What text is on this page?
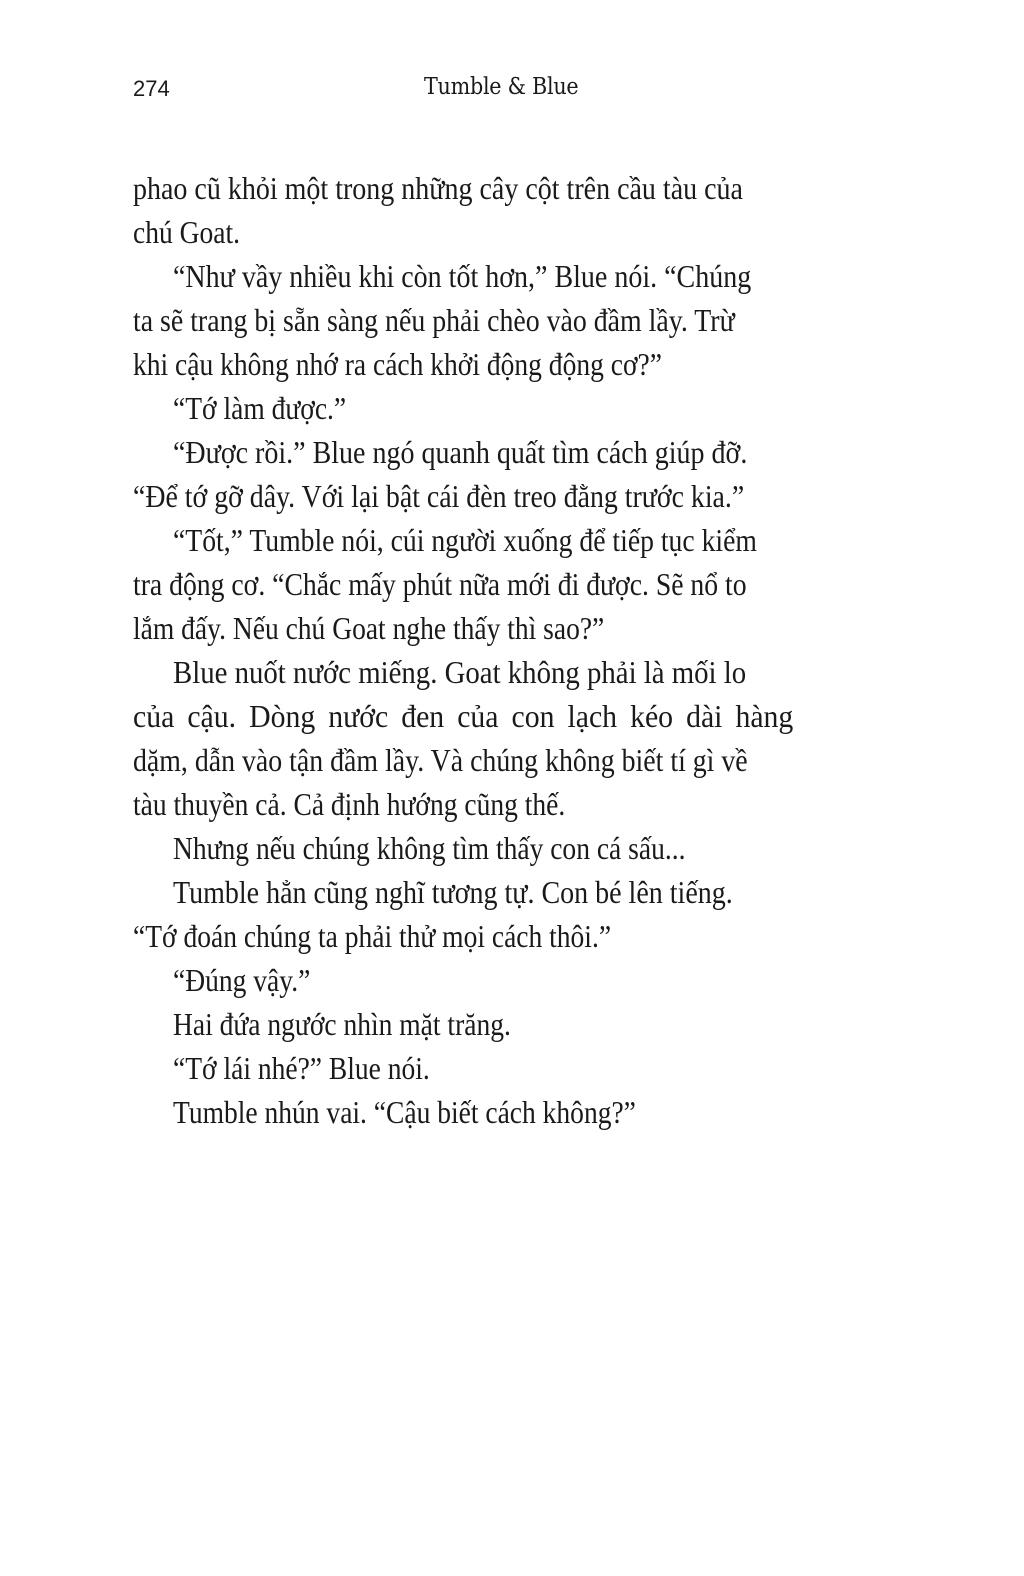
274	Tumble & Blue
phao cũ khỏi một trong những cây cột trên cầu tàu của
chú Goat.
“Như vầy nhiều khi còn tốt hơn,” Blue nói. “Chúng
ta sẽ trang bị sẵn sàng nếu phải chèo vào đầm lầy. Trừ
khi cậu không nhớ ra cách khởi động động cơ?”
“Tớ làm được.”
“Được rồi.” Blue ngó quanh quất tìm cách giúp đỡ.
“Để tớ gỡ dây. Với lại bật cái đèn treo đằng trước kia.”
“Tốt,” Tumble nói, cúi người xuống để tiếp tục kiểm
tra động cơ. “Chắc mấy phút nữa mới đi được. Sẽ nổ to
lắm đấy. Nếu chú Goat nghe thấy thì sao?”
Blue nuốt nước miếng. Goat không phải là mối lo
của cậu. Dòng nước đen của con lạch kéo dài hàng
dặm, dẫn vào tận đầm lầy. Và chúng không biết tí gì về
tàu thuyền cả. Cả định hướng cũng thế.
Nhưng nếu chúng không tìm thấy con cá sấu...
Tumble hẳn cũng nghĩ tương tự. Con bé lên tiếng.
“Tớ đoán chúng ta phải thử mọi cách thôi.”
“Đúng vậy.”
Hai đứa ngước nhìn mặt trăng.
“Tớ lái nhé?” Blue nói.
Tumble nhún vai. “Cậu biết cách không?”
